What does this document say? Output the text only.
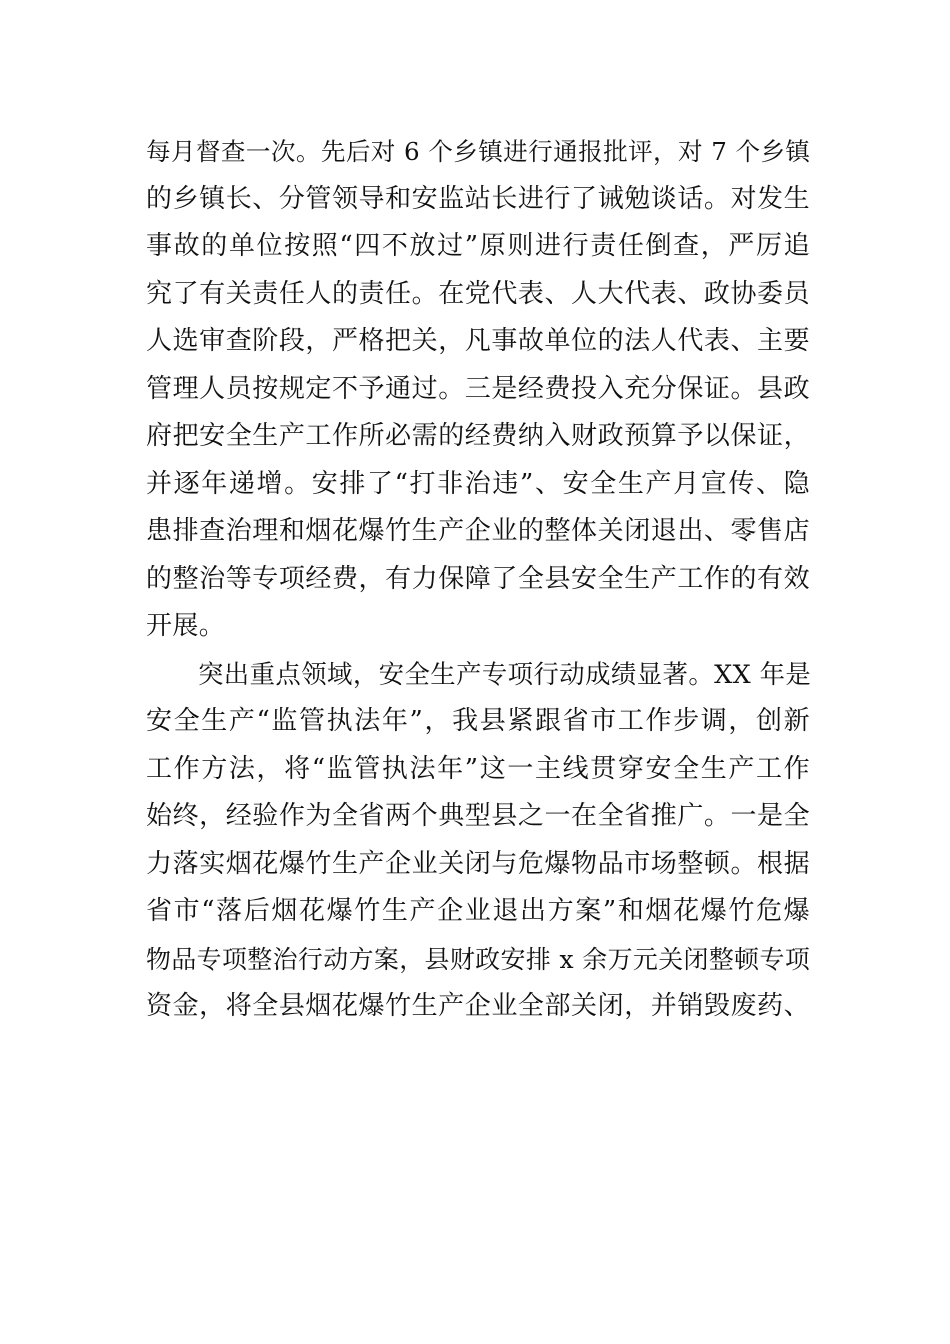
每月督查一次。先后对 6 个乡镇进行通报批评，对 7 个乡镇
的乡镇长、分管领导和安监站长进行了诫勉谈话。对发生
事故的单位按照“四不放过”原则进行责任倒查，严厉追
究了有关责任人的责任。在党代表、人大代表、政协委员
人选审查阶段，严格把关，凡事故单位的法人代表、主要
管理人员按规定不予通过。三是经费投入充分保证。县政
府把安全生产工作所必需的经费纳入财政预算予以保证，
并逐年递增。安排了“打非治违”、安全生产月宣传、隐
患排查治理和烟花爆竹生产企业的整体关闭退出、零售店
的整治等专项经费，有力保障了全县安全生产工作的有效
开展。
突出重点领域，安全生产专项行动成绩显著。XX 年是
安全生产“监管执法年”，我县紧跟省市工作步调，创新
工作方法，将“监管执法年”这一主线贯穿安全生产工作
始终，经验作为全省两个典型县之一在全省推广。一是全
力落实烟花爆竹生产企业关闭与危爆物品市场整顿。根据
省市“落后烟花爆竹生产企业退出方案”和烟花爆竹危爆
物品专项整治行动方案，县财政安排 x 余万元关闭整顿专项
资金，将全县烟花爆竹生产企业全部关闭，并销毁废药、
